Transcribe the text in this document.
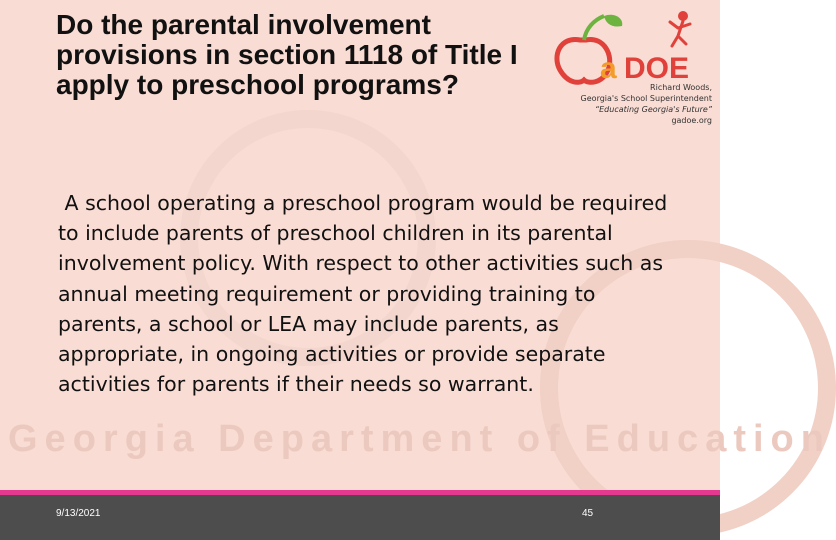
Georgia Department of Education
Do the parental involvement provisions in section 1118 of Title I apply to preschool programs?	a DOE
Richard Woods,
Georgia's School Superintendent
“Educating Georgia's Future”
gadoe.org

A school operating a preschool program would be required to include parents of preschool children in its parental involvement policy. With respect to other activities such as annual meeting requirement or providing training to parents, a school or LEA may include parents, as appropriate, in ongoing activities or provide separate activities for parents if their needs so warrant.

9/13/2021	45
